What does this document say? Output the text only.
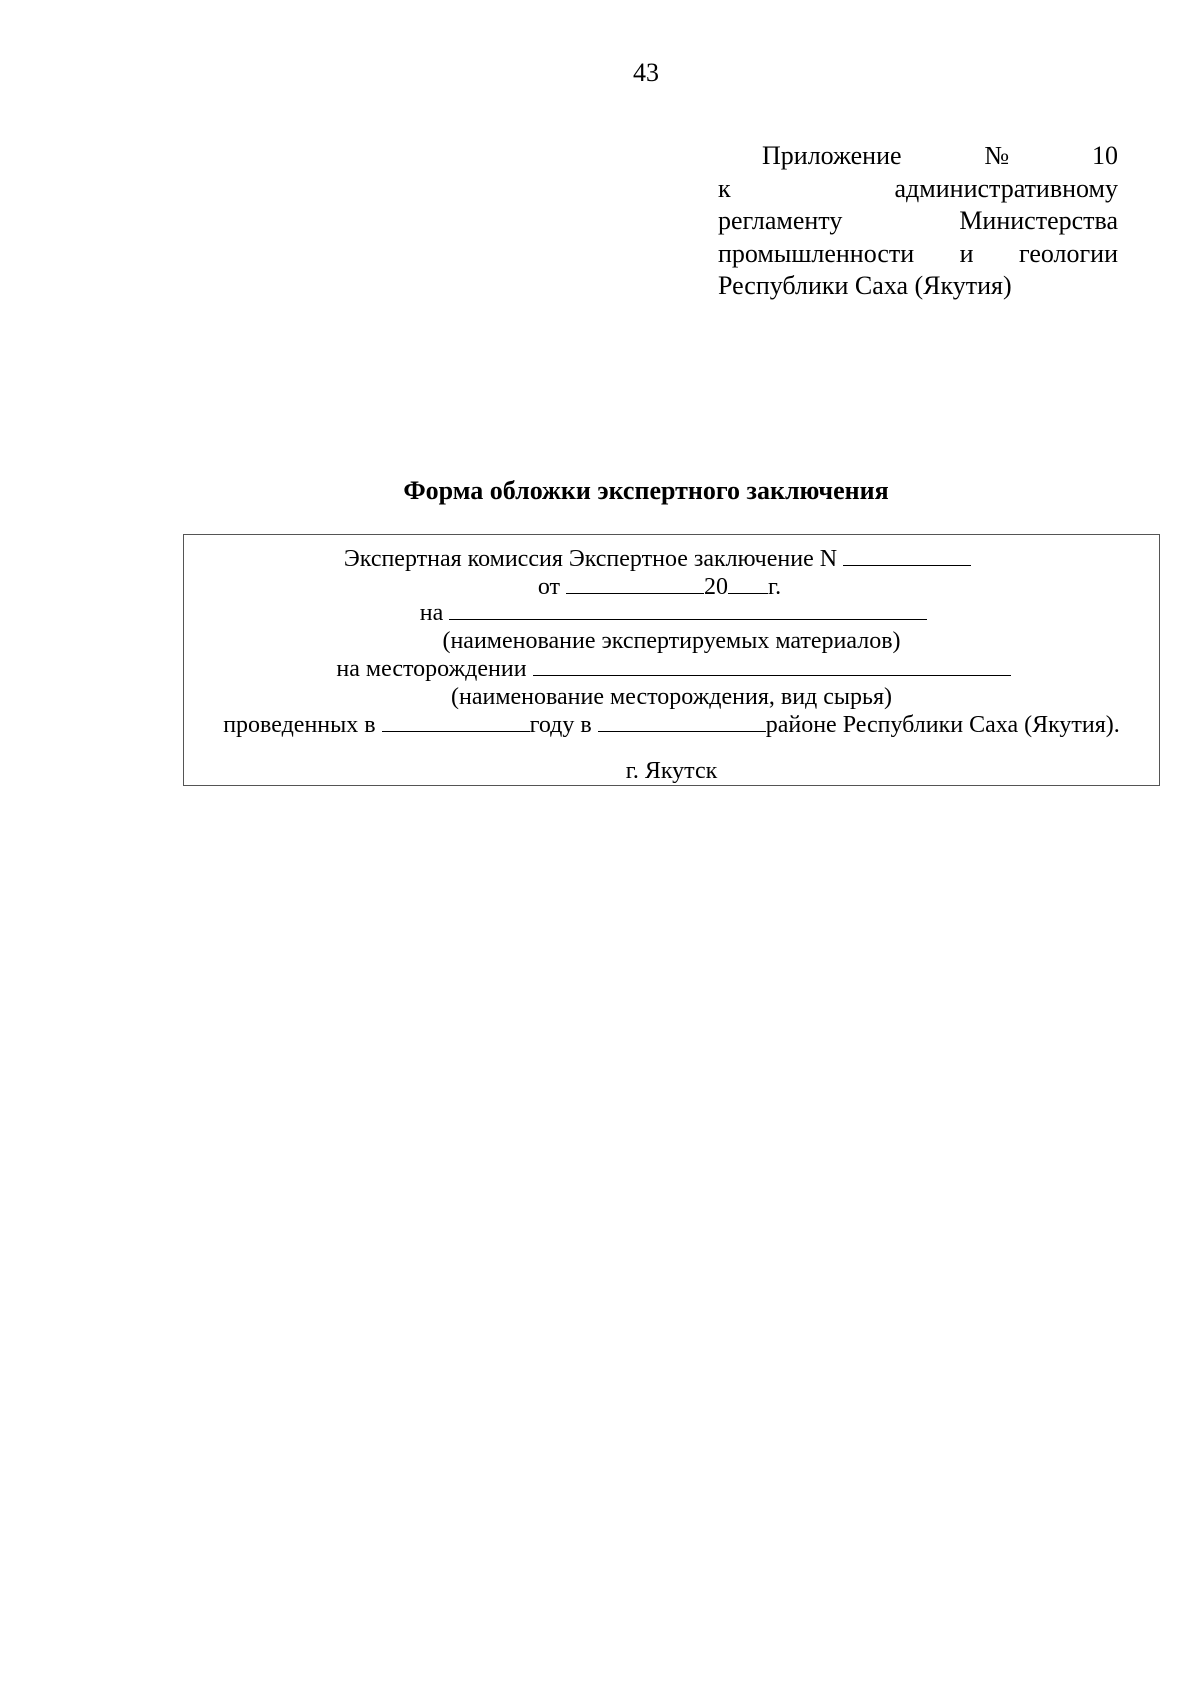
43
Приложение	№	10
к	административному
регламенту	Министерства
промышленности и геологии
Республики Саха (Якутия)
Форма обложки экспертного заключения
Экспертная комиссия Экспертное заключение N
от	20 г.
на
(наименование экспертируемых материалов)
на месторождении
(наименование месторождения, вид сырья)
проведенных в	году в	районе Республики Саха (Якутия).
г. Якутск
